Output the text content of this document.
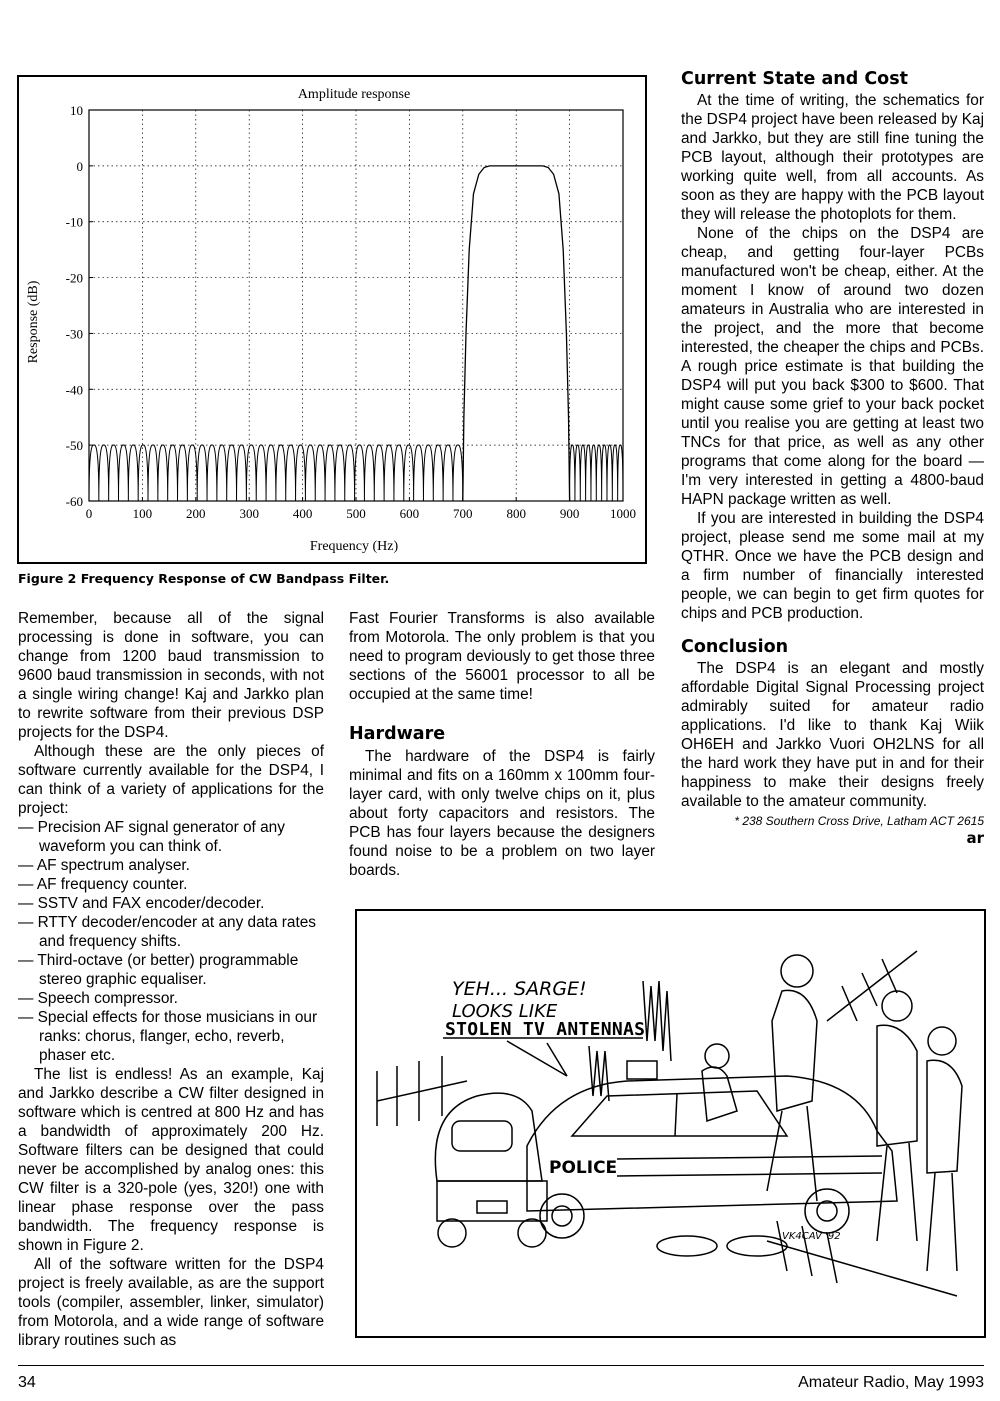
Amplitude response
Response (dB)
Frequency (Hz)
0	100	200	300	400	500	600	700	800	900 1000
10
0
-10
-20
-30
-40
-50
-60
Figure 2 Frequency Response of CW Bandpass Filter.

Remember, because all of the signal processing is done in software, you can change from 1200 baud transmission to 9600 baud transmission in seconds, with not a single wiring change! Kaj and Jarkko plan to rewrite software from their previous DSP projects for the DSP4.

Although these are the only pieces of software currently available for the DSP4, I can think of a variety of applications for the project:

— Precision AF signal generator of any waveform you can think of.
— AF spectrum analyser.
— AF frequency counter.
— SSTV and FAX encoder/decoder.
— RTTY decoder/encoder at any data rates and frequency shifts.
— Third-octave (or better) programmable stereo graphic equaliser.
— Speech compressor.
— Special effects for those musicians in our ranks: chorus, flanger, echo, reverb, phaser etc.

The list is endless! As an example, Kaj and Jarkko describe a CW filter designed in software which is centred at 800 Hz and has a bandwidth of approximately 200 Hz. Software filters can be designed that could never be accomplished by analog ones: this CW filter is a 320-pole (yes, 320!) one with linear phase response over the pass bandwidth. The frequency response is shown in Figure 2.

All of the software written for the DSP4 project is freely available, as are the support tools (compiler, assembler, linker, simulator) from Motorola, and a wide range of software library routines such as

Fast Fourier Transforms is also available from Motorola. The only problem is that you need to program deviously to get those three sections of the 56001 processor to all be occupied at the same time!

Hardware

The hardware of the DSP4 is fairly minimal and fits on a 160mm x 100mm four-layer card, with only twelve chips on it, plus about forty capacitors and resistors. The PCB has four layers because the designers found noise to be a problem on two layer boards.

Current State and Cost

At the time of writing, the schematics for the DSP4 project have been released by Kaj and Jarkko, but they are still fine tuning the PCB layout, although their prototypes are working quite well, from all accounts. As soon as they are happy with the PCB layout they will release the photoplots for them.

None of the chips on the DSP4 are cheap, and getting four-layer PCBs manufactured won't be cheap, either. At the moment I know of around two dozen amateurs in Australia who are interested in the project, and the more that become interested, the cheaper the chips and PCBs. A rough price estimate is that building the DSP4 will put you back $300 to $600. That might cause some grief to your back pocket until you realise you are getting at least two TNCs for that price, as well as any other programs that come along for the board — I'm very interested in getting a 4800-baud HAPN package written as well.

If you are interested in building the DSP4 project, please send me some mail at my QTHR. Once we have the PCB design and a firm number of financially interested people, we can begin to get firm quotes for chips and PCB production.

Conclusion

The DSP4 is an elegant and mostly affordable Digital Signal Processing project admirably suited for amateur radio applications. I'd like to thank Kaj Wiik OH6EH and Jarkko Vuori OH2LNS for all the hard work they have put in and for their happiness to make their designs freely available to the amateur community.

* 238 Southern Cross Drive, Latham ACT 2615
ar
YEH... SARGE!
LOOKS LIKE
STOLEN TV ANTENNAS
POLICE
VK4CAV '92
34	Amateur Radio, May 1993
